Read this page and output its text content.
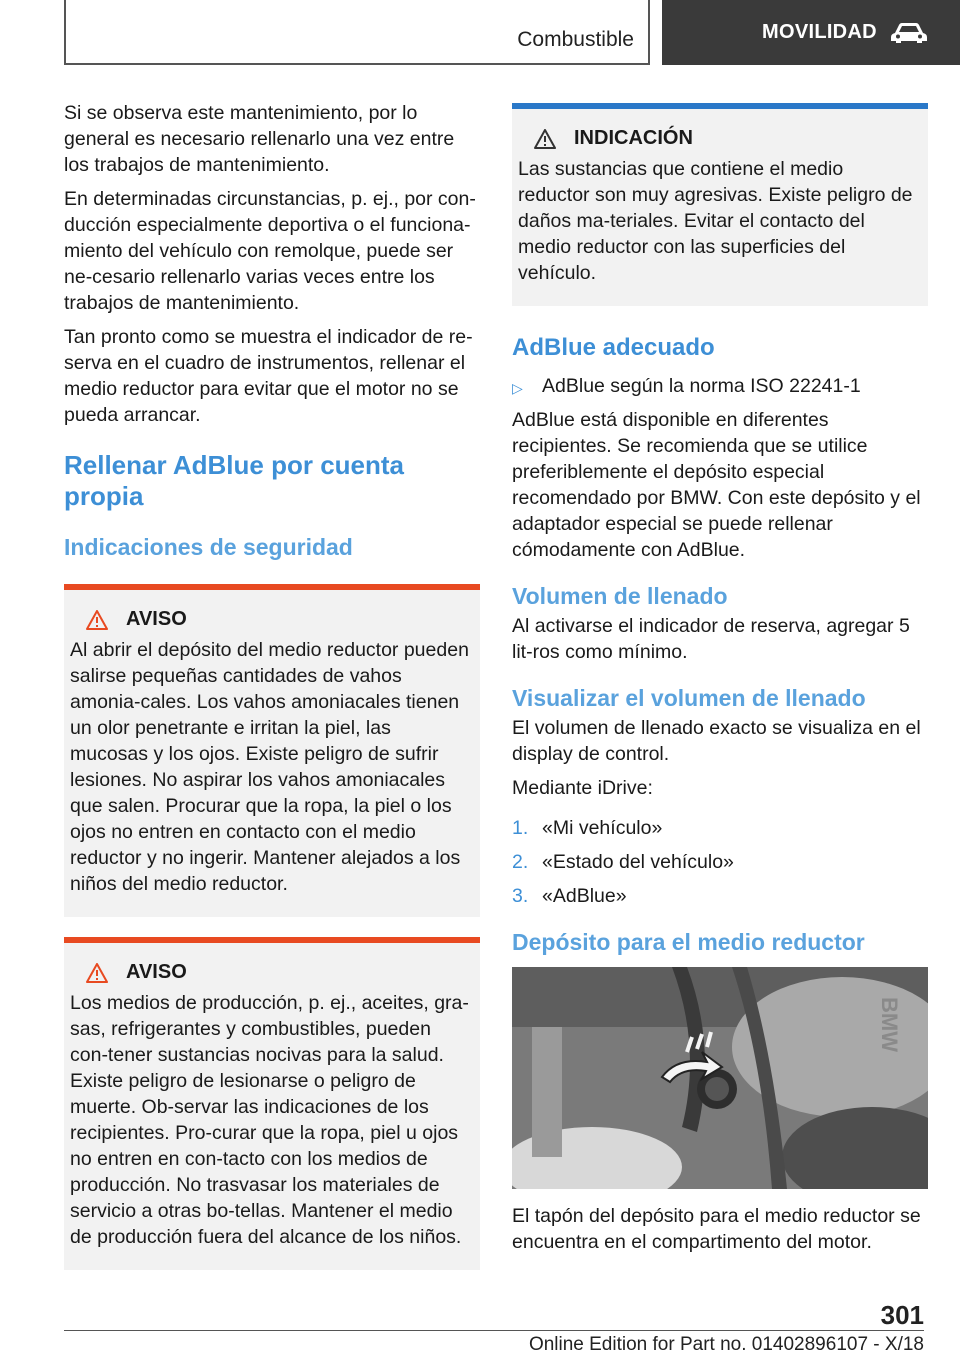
Combustible	MOVILIDAD

Si se observa este mantenimiento, por lo general es necesario rellenarlo una vez entre los trabajos de mantenimiento.

En determinadas circunstancias, p. ej., por con-ducción especialmente deportiva o el funciona-miento del vehículo con remolque, puede ser ne-cesario rellenarlo varias veces entre los trabajos de mantenimiento.

Tan pronto como se muestra el indicador de re-serva en el cuadro de instrumentos, rellenar el medio reductor para evitar que el motor no se pueda arrancar.

Rellenar AdBlue por cuenta propia
Indicaciones de seguridad
AVISO

Al abrir el depósito del medio reductor pueden salirse pequeñas cantidades de vahos amonia-cales. Los vahos amoniacales tienen un olor penetrante e irritan la piel, las mucosas y los ojos. Existe peligro de sufrir lesiones. No aspirar los vahos amoniacales que salen. Procurar que la ropa, la piel o los ojos no entren en contacto con el medio reductor y no ingerir. Mantener alejados a los niños del medio reductor.

AVISO

Los medios de producción, p. ej., aceites, gra-sas, refrigerantes y combustibles, pueden con-tener sustancias nocivas para la salud. Existe peligro de lesionarse o peligro de muerte. Ob-servar las indicaciones de los recipientes. Pro-curar que la ropa, piel u ojos no entren en con-tacto con los medios de producción. No trasvasar los materiales de servicio a otras bo-tellas. Mantener el medio de producción fuera del alcance de los niños.

INDICACIÓN

Las sustancias que contiene el medio reductor son muy agresivas. Existe peligro de daños ma-teriales. Evitar el contacto del medio reductor con las superficies del vehículo.

AdBlue adecuado
▷ AdBlue según la norma ISO 22241-1

AdBlue está disponible en diferentes recipientes. Se recomienda que se utilice preferiblemente el depósito especial recomendado por BMW. Con este depósito y el adaptador especial se puede rellenar cómodamente con AdBlue.

Volumen de llenado

Al activarse el indicador de reserva, agregar 5 lit-ros como mínimo.

Visualizar el volumen de llenado

El volumen de llenado exacto se visualiza en el display de control.

Mediante iDrive:

1. «Mi vehículo»
2. «Estado del vehículo»
3. «AdBlue»
Depósito para el medio reductor
BMW

El tapón del depósito para el medio reductor se encuentra en el compartimento del motor.

301
Online Edition for Part no. 01402896107 - X/18
